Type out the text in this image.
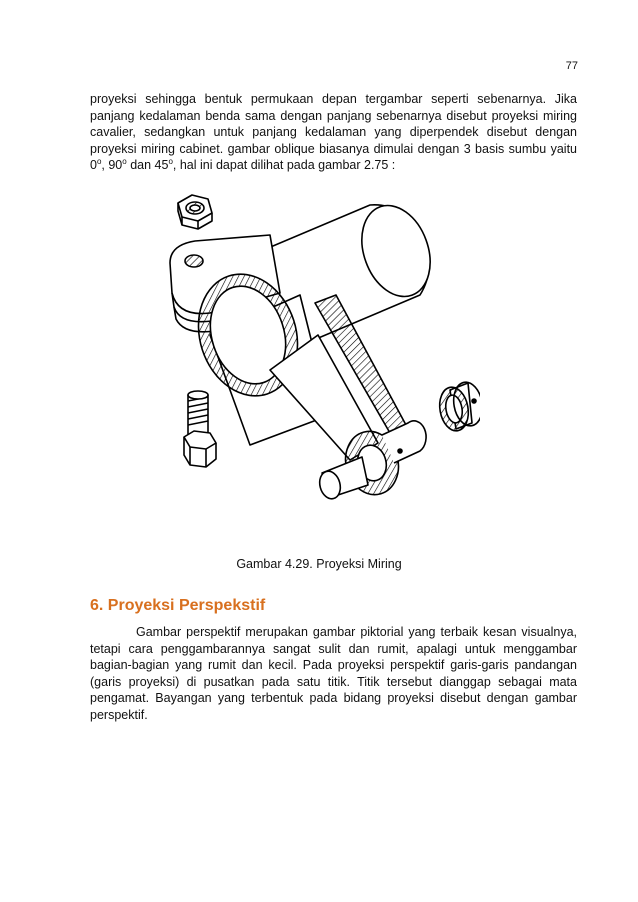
77

proyeksi sehingga bentuk permukaan depan tergambar seperti sebenarnya. Jika panjang kedalaman benda sama dengan panjang sebenarnya disebut proyeksi miring cavalier, sedangkan untuk panjang kedalaman yang diperpendek disebut dengan proyeksi miring cabinet. gambar oblique biasanya dimulai dengan 3 basis sumbu yaitu 0$^o$, 90$^o$ dan 45$^o$, hal ini dapat dilihat pada gambar 2.75 :

Gambar 4.29. Proyeksi Miring
6. Proyeksi Perspekstif

Gambar perspektif merupakan gambar piktorial yang terbaik kesan visualnya, tetapi cara penggambarannya sangat sulit dan rumit, apalagi untuk menggambar bagian-bagian yang rumit dan kecil. Pada proyeksi perspektif garis-garis pandangan (garis proyeksi) di pusatkan pada satu titik. Titik tersebut dianggap sebagai mata pengamat. Bayangan yang terbentuk pada bidang proyeksi disebut dengan gambar perspektif.
